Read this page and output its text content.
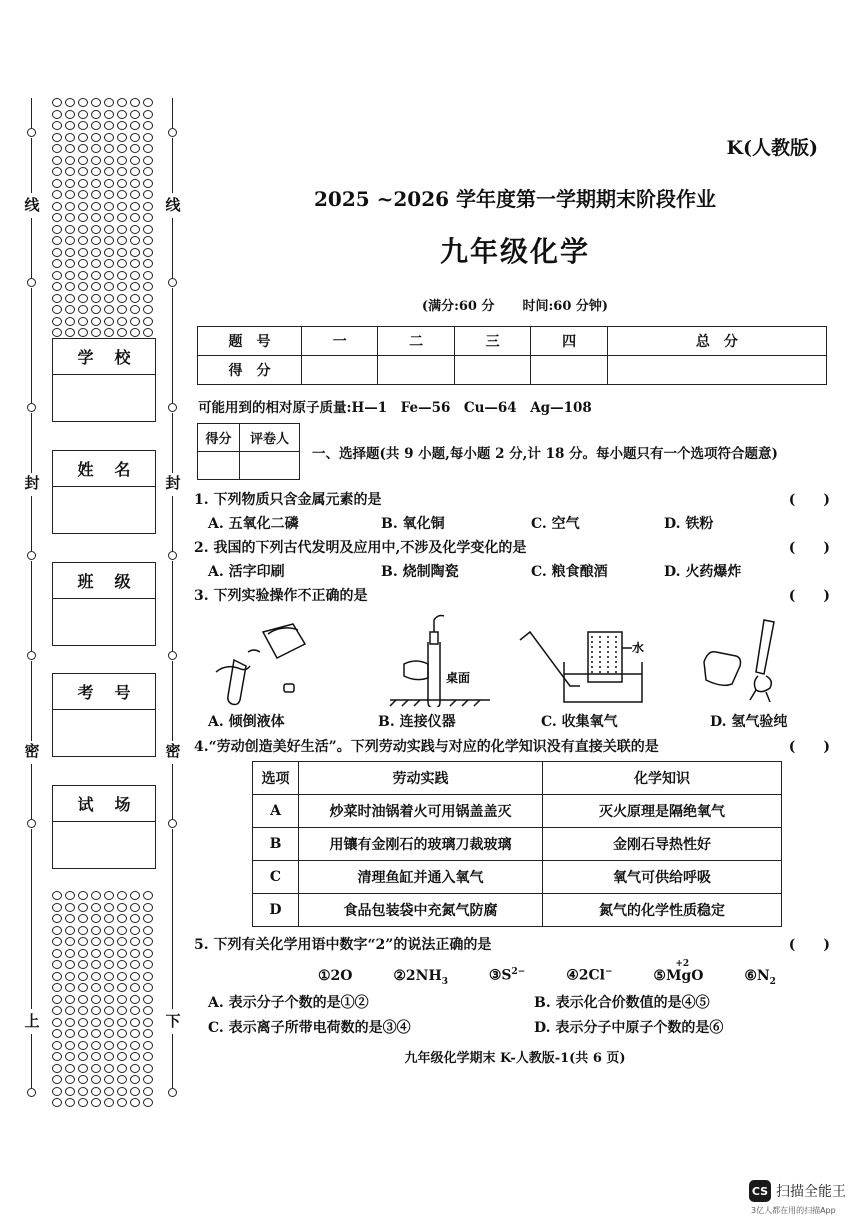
线
封
密
上
线
封
密
下
学 校
姓 名
班 级
考 号
试 场
K(人教版)
2025 ~2026 学年度第一学期期末阶段作业
九年级化学
(满分:60 分 时间:60 分钟)
题　号	一	二	三	四	总　分
得　分					
可能用到的相对原子质量:H—1　Fe—56　Cu—64　Ag—108
得分	评卷人

一、选择题(共 9 小题,每小题 2 分,计 18 分。每小题只有一个选项符合题意)
1. 下列物质只含金属元素的是	(　　)
A. 五氧化二磷	B. 氧化铜	C. 空气	D. 铁粉
2. 我国的下列古代发明及应用中,不涉及化学变化的是	(　　)
A. 活字印刷	B. 烧制陶瓷	C. 粮食酿酒	D. 火药爆炸
3. 下列实验操作不正确的是	(　　)
桌面
水
A. 倾倒液体	B. 连接仪器	C. 收集氧气	D. 氢气验纯
4.“劳动创造美好生活”。下列劳动实践与对应的化学知识没有直接关联的是	(　　)
选项	劳动实践	化学知识
A	炒菜时油锅着火可用锅盖盖灭	灭火原理是隔绝氧气
B	用镶有金刚石的玻璃刀裁玻璃	金刚石导热性好
C	清理鱼缸并通入氧气	氧气可供给呼吸
D	食品包装袋中充氮气防腐	氮气的化学性质稳定
5. 下列有关化学用语中数字“2”的说法正确的是	(　　)
①2O	$②2NH_3$	$③S^{2-}$	④2Cl−
+2
⑤MgO	$⑥N_2$
A. 表示分子个数的是①②	B. 表示化合价数值的是④⑤
C. 表示离子所带电荷数的是③④	D. 表示分子中原子个数的是⑥
九年级化学期末 K-人教版-1(共 6 页)
CS 扫描全能王
3亿人都在用的扫描App
